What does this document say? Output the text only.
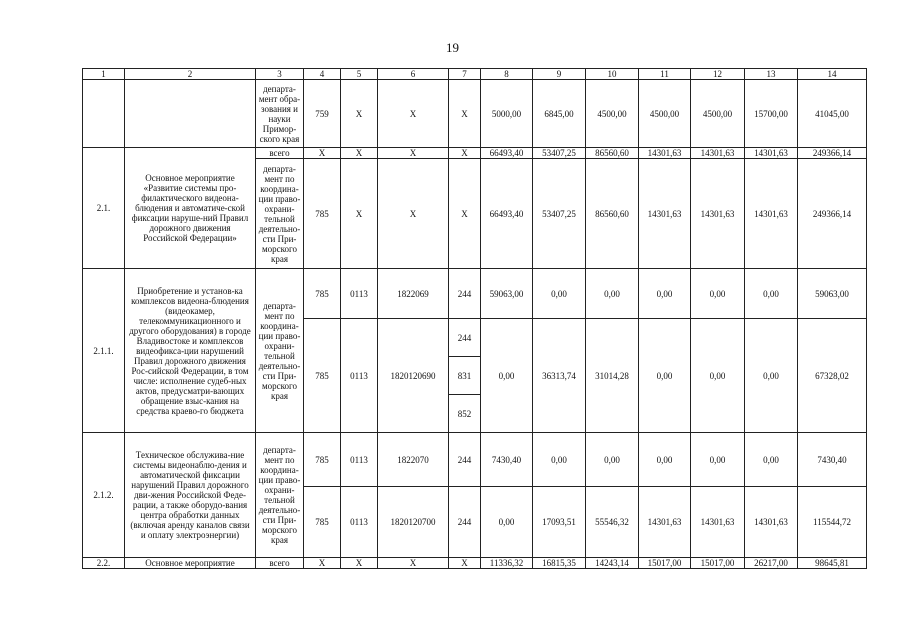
19
1	2	3	4	5	6	7	8	9	10	11	12	13	14
		департа-мент обра-зования и науки Примор-ского края	759	X	X	X	5000,00	6845,00	4500,00	4500,00	4500,00	15700,00	41045,00
2.1.	Основное мероприятие «Развитие системы про-филактического видеона-блюдения и автоматиче-ской фиксации наруше-ний Правил дорожного движения Российской Федерации»	всего	X	X	X	X	66493,40	53407,25	86560,60	14301,63	14301,63	14301,63	249366,14
		департа-мент по координа-ции право-охрани-тельной деятельно-сти При-морского края	785	X	X	X	66493,40	53407,25	86560,60	14301,63	14301,63	14301,63	249366,14
2.1.1.	Приобретение и установ-ка комплексов видеона-блюдения (видеокамер, телекоммуникационного и другого оборудования) в городе Владивостоке и комплексов видеофикса-ции нарушений Правил дорожного движения Рос-сийской Федерации, в том числе: исполнение судеб-ных актов, предусматри-вающих обращение взыс-кания на средства краево-го бюджета	департа-мент по координа-ции право-охрани-тельной деятельно-сти При-морского края	785	0113	1822069	244	59063,00	0,00	0,00	0,00	0,00	0,00	59063,00
			785	0113	1820120690	244	0,00	36313,74	31014,28	0,00	0,00	0,00	67328,02
						831							
						852							
2.1.2.	Техническое обслужива-ние системы видеонаблю-дения и автоматической фиксации нарушений Правил дорожного дви-жения Российской Феде-рации, а также оборудо-вания центра обработки данных (включая аренду каналов связи и оплату электроэнергии)	департа-мент по координа-ции право-охрани-тельной деятельно-сти При-морского края	785	0113	1822070	244	7430,40	0,00	0,00	0,00	0,00	0,00	7430,40
			785	0113	1820120700	244	0,00	17093,51	55546,32	14301,63	14301,63	14301,63	115544,72
2.2.	Основное мероприятие	всего	X	X	X	X	11336,32	16815,35	14243,14	15017,00	15017,00	26217,00	98645,81
